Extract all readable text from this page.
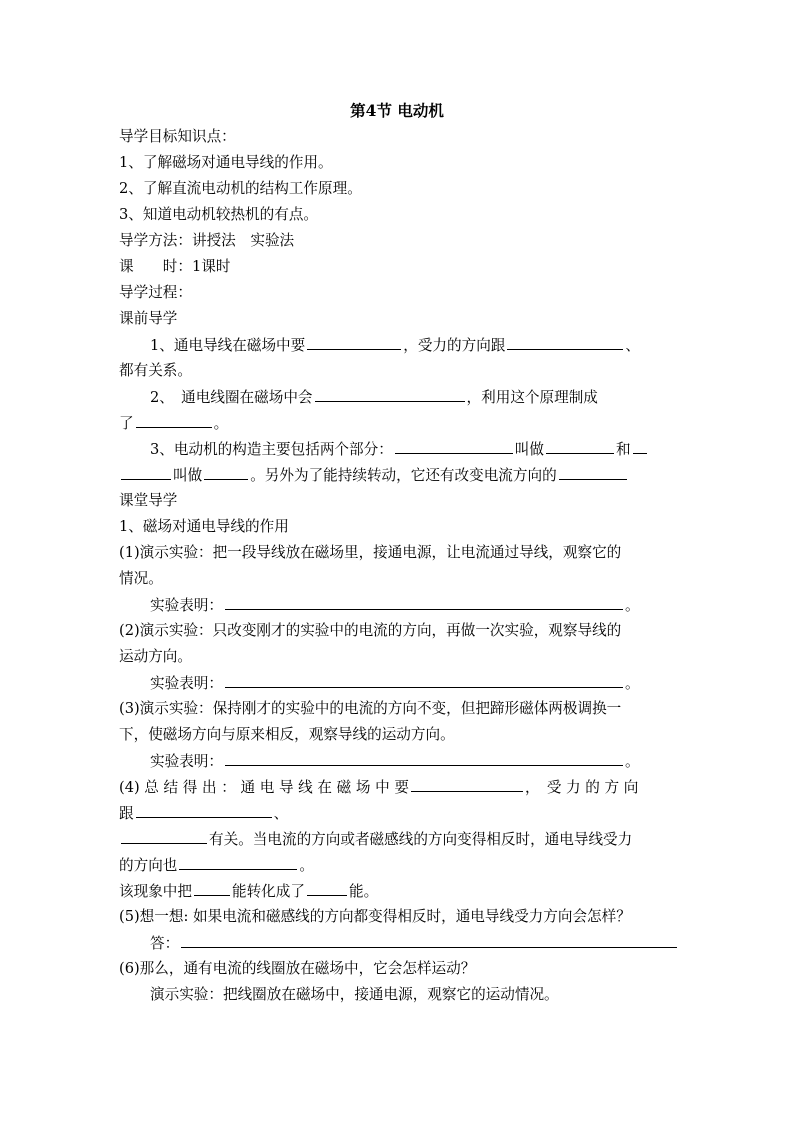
第4节 电动机
导学目标知识点：
1、了解磁场对通电导线的作用。
2、了解直流电动机的结构工作原理。
3、知道电动机较热机的有点。
导学方法：讲授法　实验法
课　　时：1课时
导学过程：
课前导学
1、通电导线在磁场中要	，受力的方向跟	、
都有关系。
2、　通电线圈在磁场中会	，利用这个原理制成
了	。
3、电动机的构造主要包括两个部分：	叫做	和
叫做	。另外为了能持续转动，它还有改变电流方向的
课堂导学
1、磁场对通电导线的作用
(1)演示实验：把一段导线放在磁场里，接通电源，让电流通过导线，观察它的
情况。
实验表明：	。
(2)演示实验：只改变刚才的实验中的电流的方向，再做一次实验，观察导线的
运动方向。
实验表明：	。
(3)演示实验：保持刚才的实验中的电流的方向不变，但把蹄形磁体两极调换一
下，使磁场方向与原来相反，观察导线的运动方向。
实验表明：	。
(4) 总 结 得 出 ： 通 电 导 线 在 磁 场 中 要	，　受 力 的 方 向
跟	、
有关。当电流的方向或者磁感线的方向变得相反时，通电导线受力
的方向也	。
该现象中把	能转化成了	能。
(5)想一想: 如果电流和磁感线的方向都变得相反时，通电导线受力方向会怎样？
答：
(6)那么，通有电流的线圈放在磁场中，它会怎样运动？
演示实验：把线圈放在磁场中，接通电源，观察它的运动情况。
